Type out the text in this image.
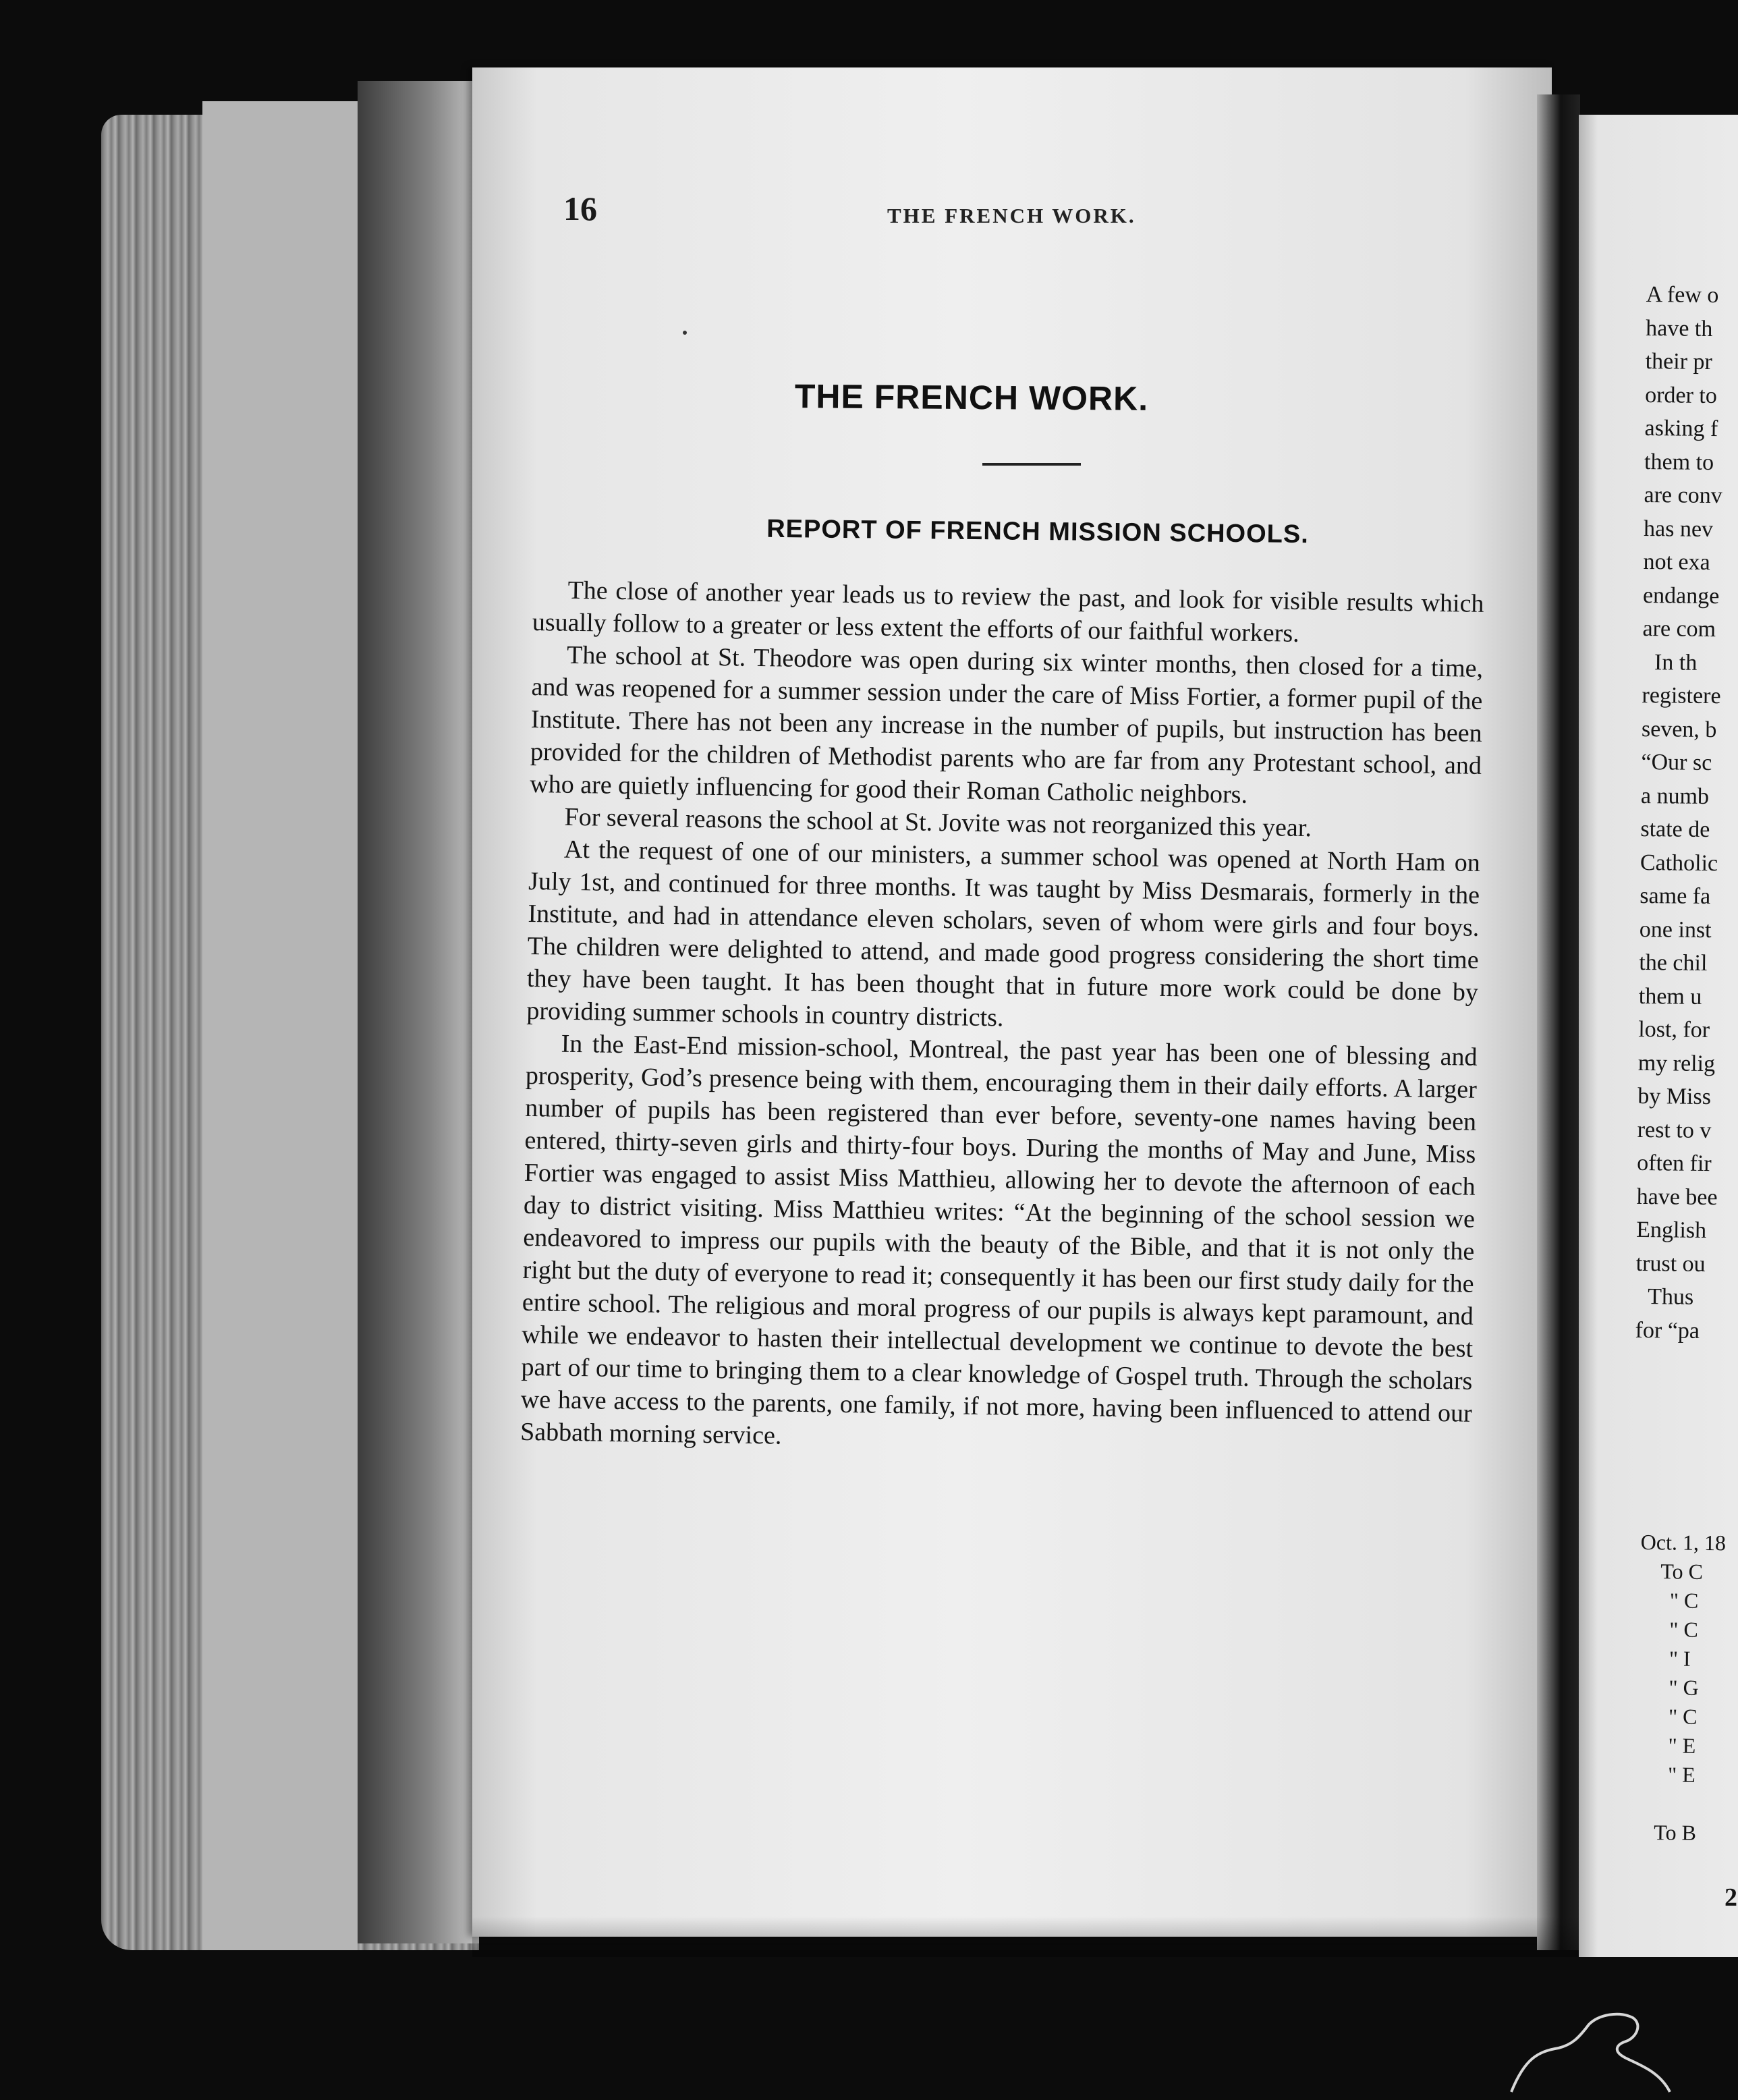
16	THE FRENCH WORK.
THE FRENCH WORK.
REPORT OF FRENCH MISSION SCHOOLS.

The close of another year leads us to review the past, and look for visible results which usually follow to a greater or less extent the efforts of our faithful workers.

The school at St. Theodore was open during six winter months, then closed for a time, and was reopened for a summer session under the care of Miss Fortier, a former pupil of the Institute. There has not been any increase in the number of pupils, but instruction has been provided for the children of Methodist parents who are far from any Protestant school, and who are quietly influencing for good their Roman Catholic neighbors.

For several reasons the school at St. Jovite was not reorganized this year.

At the request of one of our ministers, a summer school was opened at North Ham on July 1st, and continued for three months. It was taught by Miss Desmarais, formerly in the Institute, and had in attendance eleven scholars, seven of whom were girls and four boys. The children were delighted to attend, and made good progress considering the short time they have been taught. It has been thought that in future more work could be done by providing summer schools in country districts.

In the East-End mission-school, Montreal, the past year has been one of blessing and prosperity, God’s presence being with them, encouraging them in their daily efforts. A larger number of pupils has been registered than ever before, seventy-one names having been entered, thirty-seven girls and thirty-four boys. During the months of May and June, Miss Fortier was engaged to assist Miss Matthieu, allowing her to devote the afternoon of each day to district visiting. Miss Matthieu writes: “At the beginning of the school session we endeavored to impress our pupils with the beauty of the Bible, and that it is not only the right but the duty of everyone to read it; consequently it has been our first study daily for the entire school. The religious and moral progress of our pupils is always kept paramount, and while we endeavor to hasten their intellectual development we continue to devote the best part of our time to bringing them to a clear knowledge of Gospel truth. Through the scholars we have access to the parents, one family, if not more, having been influenced to attend our Sabbath morning service.

A few o
have th
their pr
order to
asking f
them to
are conv
has nev
not exa
endange
are com
In th
registere
seven, b
“Our sc
a numb
state de
Catholic
same fa
one inst
the chil
them u
lost, for
my relig
by Miss
rest to v
often fir
have bee
English
trust ou
Thus
for “pa
Oct. 1, 18
To C
" C
" C
" I
" G
" C
" E
" E
To B
2
